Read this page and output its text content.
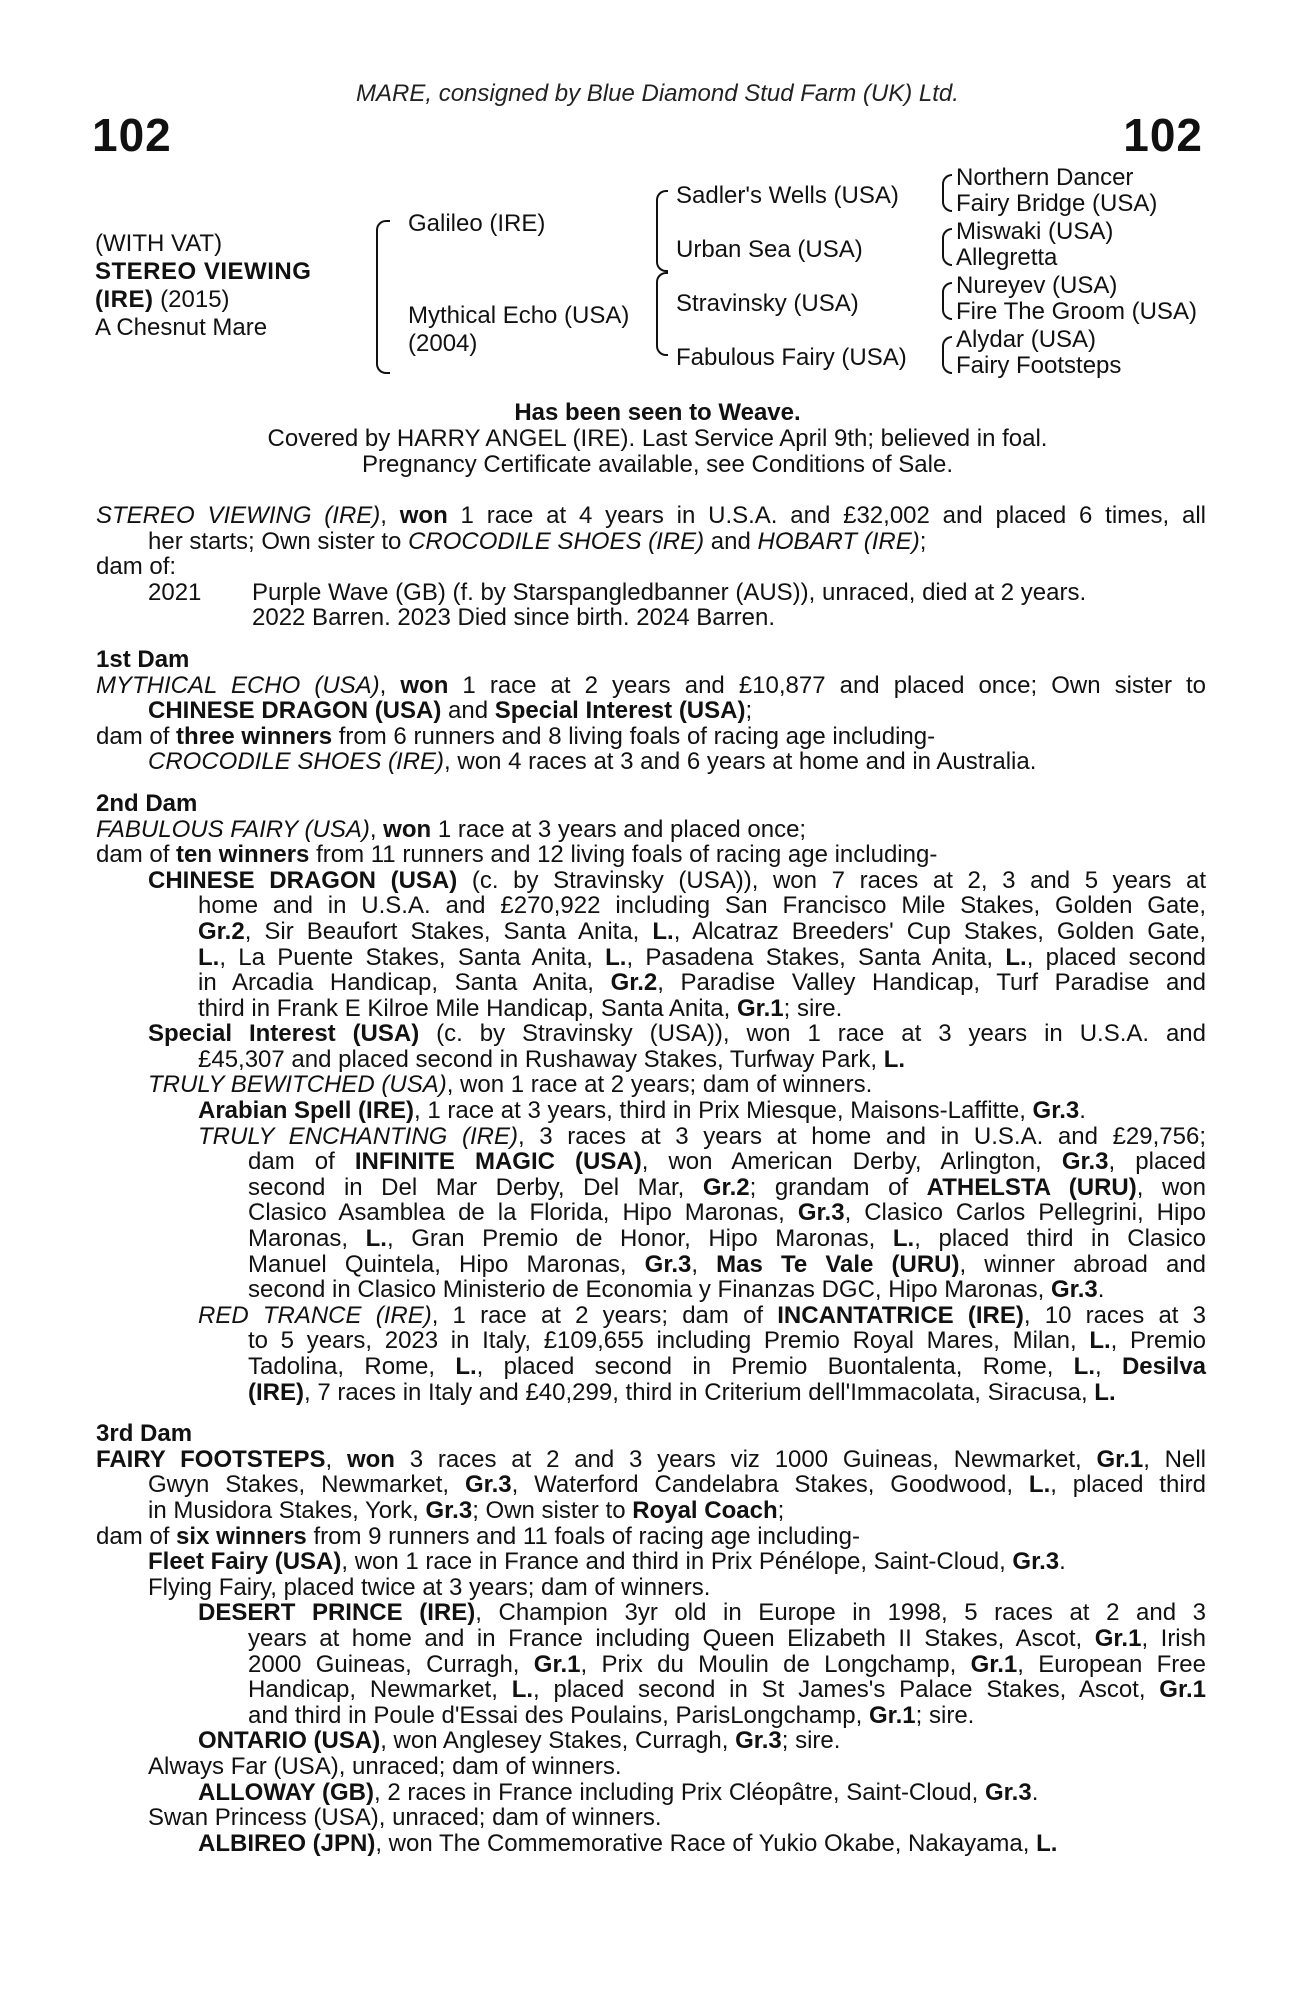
MARE, consigned by Blue Diamond Stud Farm (UK) Ltd.
102	102
(WITH VAT)
STEREO VIEWING
(IRE) (2015)
A Chesnut Mare
Galileo (IRE)
Mythical Echo (USA)
(2004)
Sadler's Wells (USA)
Urban Sea (USA)
Stravinsky (USA)
Fabulous Fairy (USA)
Northern Dancer
Fairy Bridge (USA)
Miswaki (USA)
Allegretta
Nureyev (USA)
Fire The Groom (USA)
Alydar (USA)
Fairy Footsteps
Has been seen to Weave.
Covered by HARRY ANGEL (IRE). Last Service April 9th; believed in foal.
Pregnancy Certificate available, see Conditions of Sale.
STEREO VIEWING (IRE), won 1 race at 4 years in U.S.A. and £32,002 and placed 6 times, all
her starts; Own sister to CROCODILE SHOES (IRE) and HOBART (IRE);
dam of:
2021 Purple Wave (GB) (f. by Starspangledbanner (AUS)), unraced, died at 2 years.
2022 Barren. 2023 Died since birth. 2024 Barren.
1st Dam
MYTHICAL ECHO (USA), won 1 race at 2 years and £10,877 and placed once; Own sister to
CHINESE DRAGON (USA) and Special Interest (USA);
dam of three winners from 6 runners and 8 living foals of racing age including-
CROCODILE SHOES (IRE), won 4 races at 3 and 6 years at home and in Australia.
2nd Dam
FABULOUS FAIRY (USA), won 1 race at 3 years and placed once;
dam of ten winners from 11 runners and 12 living foals of racing age including-
CHINESE DRAGON (USA) (c. by Stravinsky (USA)), won 7 races at 2, 3 and 5 years at
home and in U.S.A. and £270,922 including San Francisco Mile Stakes, Golden Gate,
Gr.2, Sir Beaufort Stakes, Santa Anita, L., Alcatraz Breeders' Cup Stakes, Golden Gate,
L., La Puente Stakes, Santa Anita, L., Pasadena Stakes, Santa Anita, L., placed second
in Arcadia Handicap, Santa Anita, Gr.2, Paradise Valley Handicap, Turf Paradise and
third in Frank E Kilroe Mile Handicap, Santa Anita, Gr.1; sire.
Special Interest (USA) (c. by Stravinsky (USA)), won 1 race at 3 years in U.S.A. and
£45,307 and placed second in Rushaway Stakes, Turfway Park, L.
TRULY BEWITCHED (USA), won 1 race at 2 years; dam of winners.
Arabian Spell (IRE), 1 race at 3 years, third in Prix Miesque, Maisons-Laffitte, Gr.3.
TRULY ENCHANTING (IRE), 3 races at 3 years at home and in U.S.A. and £29,756;
dam of INFINITE MAGIC (USA), won American Derby, Arlington, Gr.3, placed
second in Del Mar Derby, Del Mar, Gr.2; grandam of ATHELSTA (URU), won
Clasico Asamblea de la Florida, Hipo Maronas, Gr.3, Clasico Carlos Pellegrini, Hipo
Maronas, L., Gran Premio de Honor, Hipo Maronas, L., placed third in Clasico
Manuel Quintela, Hipo Maronas, Gr.3, Mas Te Vale (URU), winner abroad and
second in Clasico Ministerio de Economia y Finanzas DGC, Hipo Maronas, Gr.3.
RED TRANCE (IRE), 1 race at 2 years; dam of INCANTATRICE (IRE), 10 races at 3
to 5 years, 2023 in Italy, £109,655 including Premio Royal Mares, Milan, L., Premio
Tadolina, Rome, L., placed second in Premio Buontalenta, Rome, L., Desilva
(IRE), 7 races in Italy and £40,299, third in Criterium dell'Immacolata, Siracusa, L.
3rd Dam
FAIRY FOOTSTEPS, won 3 races at 2 and 3 years viz 1000 Guineas, Newmarket, Gr.1, Nell
Gwyn Stakes, Newmarket, Gr.3, Waterford Candelabra Stakes, Goodwood, L., placed third
in Musidora Stakes, York, Gr.3; Own sister to Royal Coach;
dam of six winners from 9 runners and 11 foals of racing age including-
Fleet Fairy (USA), won 1 race in France and third in Prix Pénélope, Saint-Cloud, Gr.3.
Flying Fairy, placed twice at 3 years; dam of winners.
DESERT PRINCE (IRE), Champion 3yr old in Europe in 1998, 5 races at 2 and 3
years at home and in France including Queen Elizabeth II Stakes, Ascot, Gr.1, Irish
2000 Guineas, Curragh, Gr.1, Prix du Moulin de Longchamp, Gr.1, European Free
Handicap, Newmarket, L., placed second in St James's Palace Stakes, Ascot, Gr.1
and third in Poule d'Essai des Poulains, ParisLongchamp, Gr.1; sire.
ONTARIO (USA), won Anglesey Stakes, Curragh, Gr.3; sire.
Always Far (USA), unraced; dam of winners.
ALLOWAY (GB), 2 races in France including Prix Cléopâtre, Saint-Cloud, Gr.3.
Swan Princess (USA), unraced; dam of winners.
ALBIREO (JPN), won The Commemorative Race of Yukio Okabe, Nakayama, L.
